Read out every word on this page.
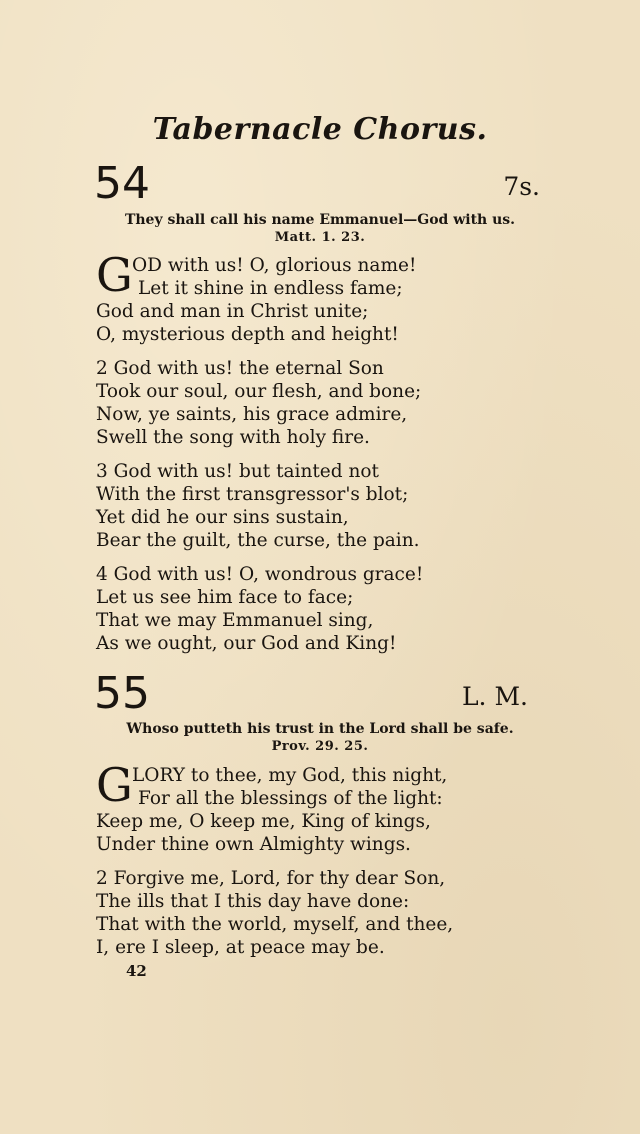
Tabernacle Chorus.
54	7s.
They shall call his name Emmanuel—God with us.
Matt. 1. 23.
G OD with us! O, glorious name!
Let it shine in endless fame;
God and man in Christ unite;
O, mysterious depth and height!
2 God with us! the eternal Son
Took our soul, our flesh, and bone;
Now, ye saints, his grace admire,
Swell the song with holy fire.
3 God with us! but tainted not
With the first transgressor's blot;
Yet did he our sins sustain,
Bear the guilt, the curse, the pain.
4 God with us! O, wondrous grace!
Let us see him face to face;
That we may Emmanuel sing,
As we ought, our God and King!
55	L. M.
Whoso putteth his trust in the Lord shall be safe.
Prov. 29. 25.
G LORY to thee, my God, this night,
For all the blessings of the light:
Keep me, O keep me, King of kings,
Under thine own Almighty wings.
2 Forgive me, Lord, for thy dear Son,
The ills that I this day have done:
That with the world, myself, and thee,
I, ere I sleep, at peace may be.
42
